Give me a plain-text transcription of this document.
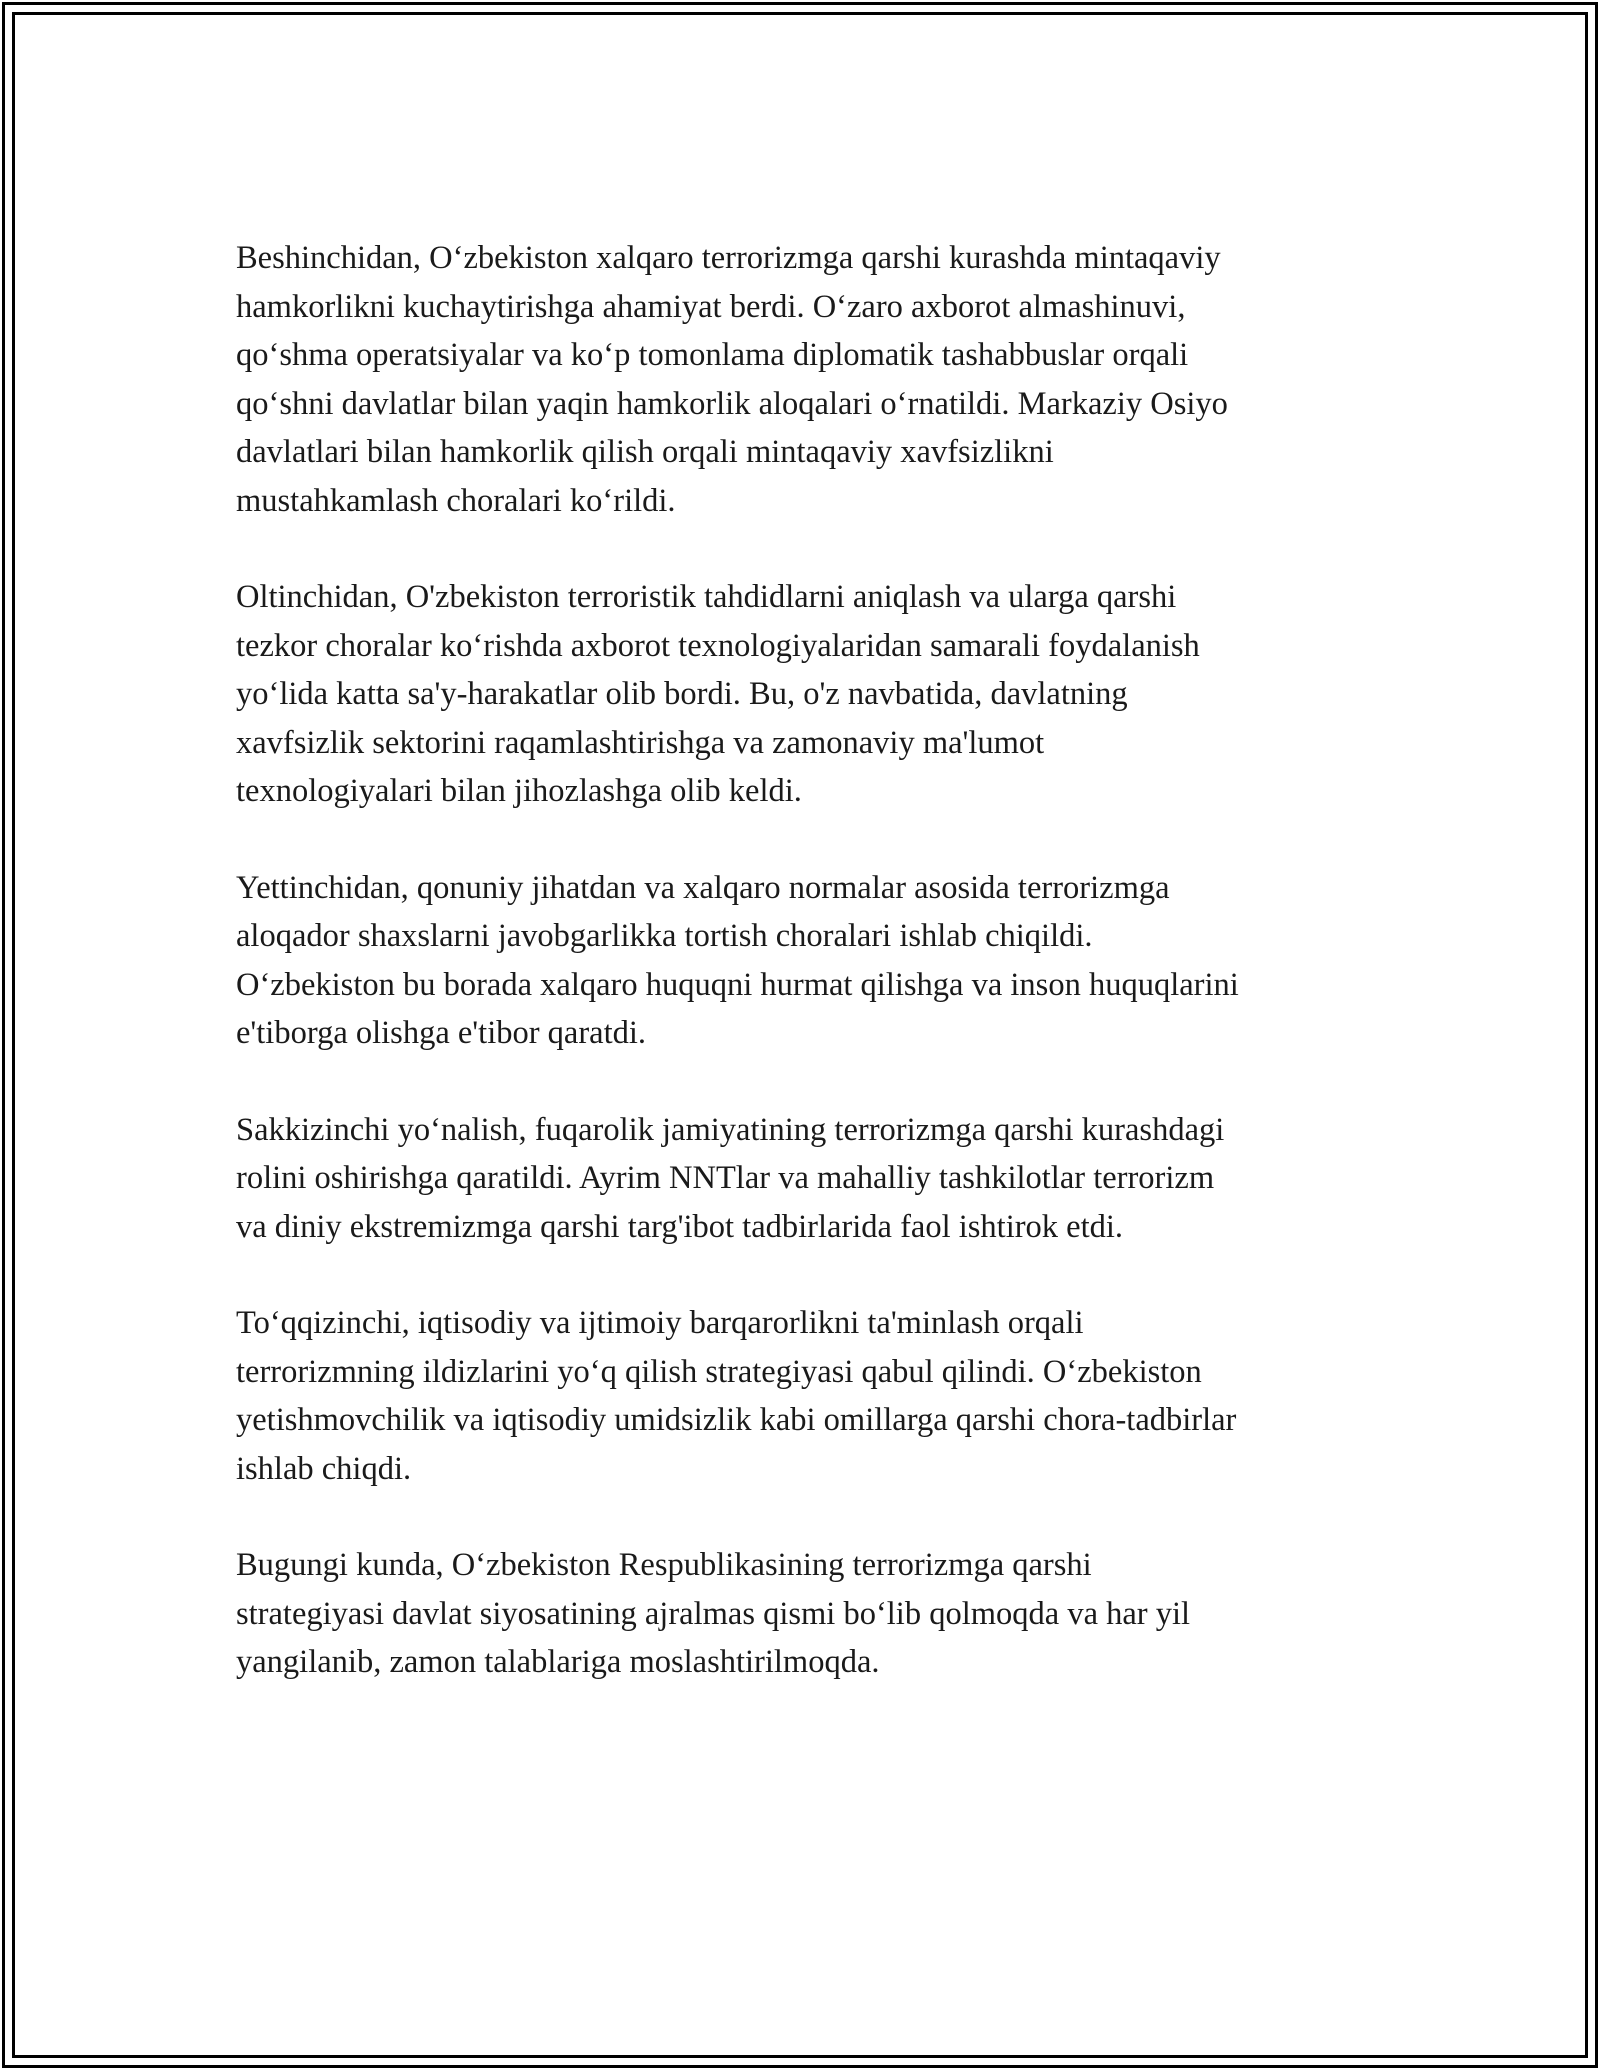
Beshinchidan, O‘zbekiston xalqaro terrorizmga qarshi kurashda mintaqaviy
hamkorlikni kuchaytirishga ahamiyat berdi. O‘zaro axborot almashinuvi,
qo‘shma operatsiyalar va ko‘p tomonlama diplomatik tashabbuslar orqali
qo‘shni davlatlar bilan yaqin hamkorlik aloqalari o‘rnatildi. Markaziy Osiyo
davlatlari bilan hamkorlik qilish orqali mintaqaviy xavfsizlikni
mustahkamlash choralari ko‘rildi.

Oltinchidan, O'zbekiston terroristik tahdidlarni aniqlash va ularga qarshi
tezkor choralar ko‘rishda axborot texnologiyalaridan samarali foydalanish
yo‘lida katta sa'y-harakatlar olib bordi. Bu, o'z navbatida, davlatning
xavfsizlik sektorini raqamlashtirishga va zamonaviy ma'lumot
texnologiyalari bilan jihozlashga olib keldi.

Yettinchidan, qonuniy jihatdan va xalqaro normalar asosida terrorizmga
aloqador shaxslarni javobgarlikka tortish choralari ishlab chiqildi.
O‘zbekiston bu borada xalqaro huquqni hurmat qilishga va inson huquqlarini
e'tiborga olishga e'tibor qaratdi.

Sakkizinchi yo‘nalish, fuqarolik jamiyatining terrorizmga qarshi kurashdagi
rolini oshirishga qaratildi. Ayrim NNTlar va mahalliy tashkilotlar terrorizm
va diniy ekstremizmga qarshi targ'ibot tadbirlarida faol ishtirok etdi.

To‘qqizinchi, iqtisodiy va ijtimoiy barqarorlikni ta'minlash orqali
terrorizmning ildizlarini yo‘q qilish strategiyasi qabul qilindi. O‘zbekiston
yetishmovchilik va iqtisodiy umidsizlik kabi omillarga qarshi chora-tadbirlar
ishlab chiqdi.

Bugungi kunda, O‘zbekiston Respublikasining terrorizmga qarshi
strategiyasi davlat siyosatining ajralmas qismi bo‘lib qolmoqda va har yil
yangilanib, zamon talablariga moslashtirilmoqda.
